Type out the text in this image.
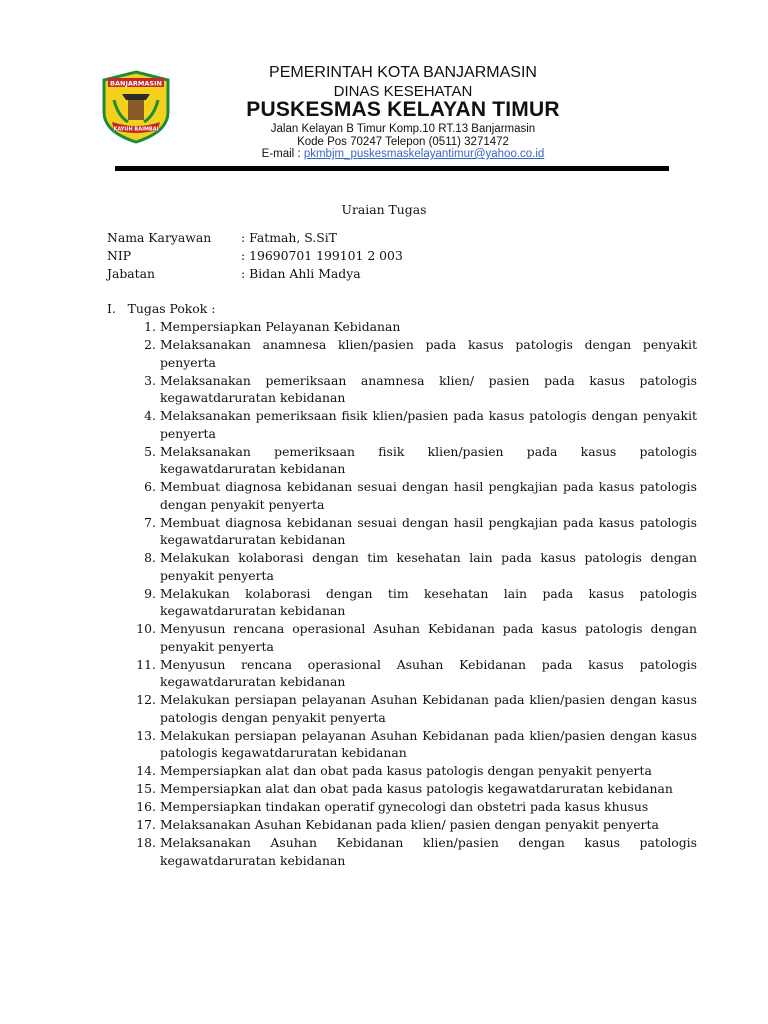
BANJARMASIN
KAYUH BAIMBAI
PEMERINTAH KOTA BANJARMASIN
DINAS KESEHATAN
PUSKESMAS KELAYAN TIMUR
Jalan Kelayan B Timur Komp.10 RT.13 Banjarmasin
Kode Pos 70247 Telepon (0511) 3271472
E-mail : pkmbjm_puskesmaskelayantimur@yahoo.co.id
Uraian Tugas
Nama Karyawan : Fatmah, S.SiT
NIP	: 19690701 199101 2 003
Jabatan	: Bidan Ahli Madya
I.   Tugas Pokok :
1. Mempersiapkan Pelayanan Kebidanan
2. Melaksanakan anamnesa klien/pasien pada kasus patologis dengan penyakit penyerta
3. Melaksanakan pemeriksaan anamnesa klien/ pasien pada kasus patologis kegawatdaruratan kebidanan
4. Melaksanakan pemeriksaan fisik klien/pasien pada kasus patologis dengan penyakit penyerta
5. Melaksanakan pemeriksaan fisik klien/pasien pada kasus patologis kegawatdaruratan kebidanan
6. Membuat diagnosa kebidanan sesuai dengan hasil pengkajian pada kasus patologis dengan penyakit penyerta
7. Membuat diagnosa kebidanan sesuai dengan hasil pengkajian pada kasus patologis kegawatdaruratan kebidanan
8. Melakukan kolaborasi dengan tim kesehatan lain pada kasus patologis dengan penyakit penyerta
9. Melakukan kolaborasi dengan tim kesehatan lain pada kasus patologis kegawatdaruratan kebidanan
10. Menyusun rencana operasional Asuhan Kebidanan pada kasus patologis dengan penyakit penyerta
11. Menyusun rencana operasional Asuhan Kebidanan pada kasus patologis kegawatdaruratan kebidanan
12. Melakukan persiapan pelayanan Asuhan Kebidanan pada klien/pasien dengan kasus patologis dengan penyakit penyerta
13. Melakukan persiapan pelayanan Asuhan Kebidanan pada klien/pasien dengan kasus patologis kegawatdaruratan kebidanan
14. Mempersiapkan alat dan obat pada kasus patologis dengan penyakit penyerta
15. Mempersiapkan alat dan obat pada kasus patologis kegawatdaruratan kebidanan
16. Mempersiapkan tindakan operatif gynecologi dan obstetri pada kasus khusus
17. Melaksanakan Asuhan Kebidanan pada klien/ pasien dengan penyakit penyerta
18. Melaksanakan Asuhan Kebidanan klien/pasien dengan kasus patologis kegawatdaruratan kebidanan
